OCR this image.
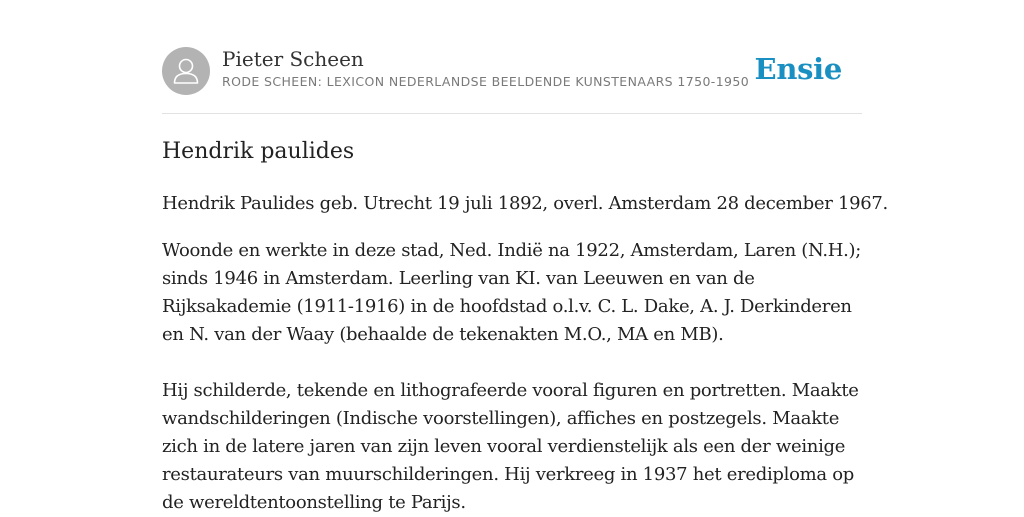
Pieter Scheen
RODE SCHEEN: LEXICON NEDERLANDSE BEELDENDE KUNSTENAARS 1750-1950 Ensie
Hendrik paulides

Hendrik Paulides geb. Utrecht 19 juli 1892, overl. Amsterdam 28 december 1967.

Woonde en werkte in deze stad, Ned. Indië na 1922, Amsterdam, Laren (N.H.); sinds 1946 in Amsterdam. Leerling van KI. van Leeuwen en van de Rijksakademie (1911-1916) in de hoofdstad o.l.v. C. L. Dake, A. J. Derkinderen en N. van der Waay (behaalde de tekenakten M.O., MA en MB).

Hij schilderde, tekende en lithografeerde vooral figuren en portretten. Maakte wandschilderingen (Indische voorstellingen), affiches en postzegels. Maakte zich in de latere jaren van zijn leven vooral verdienstelijk als een der weinige restaurateurs van muurschilderingen. Hij verkreeg in 1937 het erediploma op de wereldtentoonstelling te Parijs.
